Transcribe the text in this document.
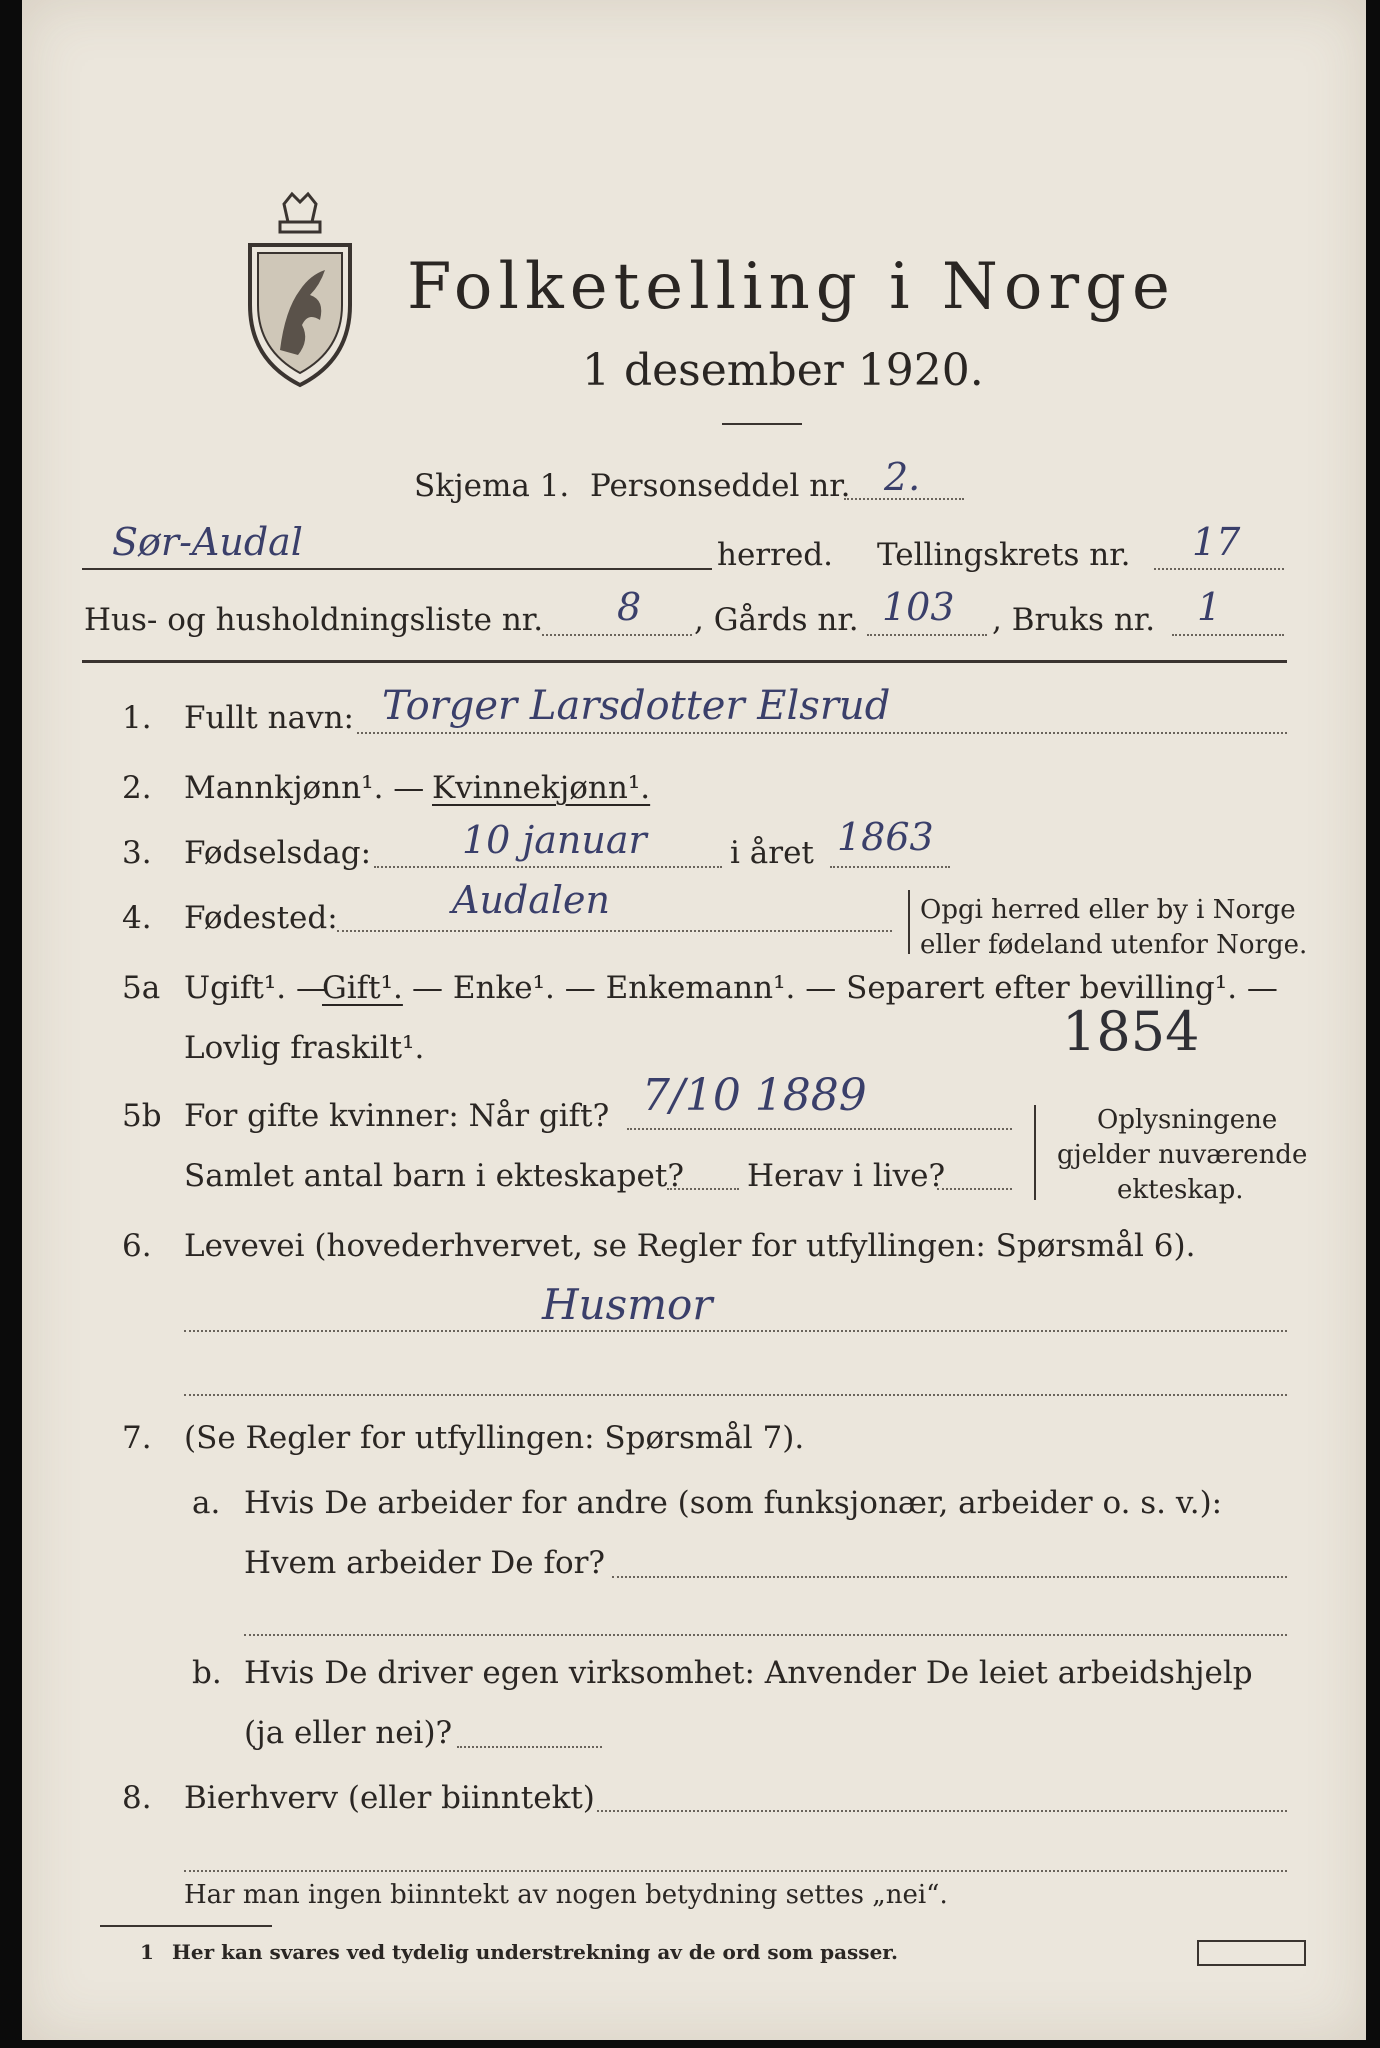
Folketelling i Norge
1 desember 1920.
Skjema 1. Personseddel nr. 2.
Sør-Audal	herred. Tellingskrets nr. 17
Hus- og husholdningsliste nr. 8 , Gårds nr. 103 , Bruks nr. 1
1. Fullt navn: Torger Larsdotter Elsrud
2. Mannkjønn¹. — Kvinnekjønn¹.
3. Fødselsdag: 10 januar	i året 1863
4. Fødested:	Audalen	Opgi herred eller by i Norge
eller fødeland utenfor Norge.
5a Ugift¹. —
Gift¹. — Enke¹. — Enkemann¹. — Separert efter bevilling¹. —
Lovlig fraskilt¹.	1854
5b For gifte kvinner: Når gift? 7/10 1889
Samlet antal barn i ekteskapet? Herav i live?
Oplysningene
gjelder nuværende
ekteskap.
6. Levevei (hovederhvervet, se Regler for utfyllingen: Spørsmål 6).
Husmor
7. (Se Regler for utfyllingen: Spørsmål 7).
a. Hvis De arbeider for andre (som funksjonær, arbeider o. s. v.):
Hvem arbeider De for?
b. Hvis De driver egen virksomhet: Anvender De leiet arbeidshjelp
(ja eller nei)?
8. Bierhverv (eller biinntekt)
Har man ingen biinntekt av nogen betydning settes „nei“.
1 Her kan svares ved tydelig understrekning av de ord som passer.
